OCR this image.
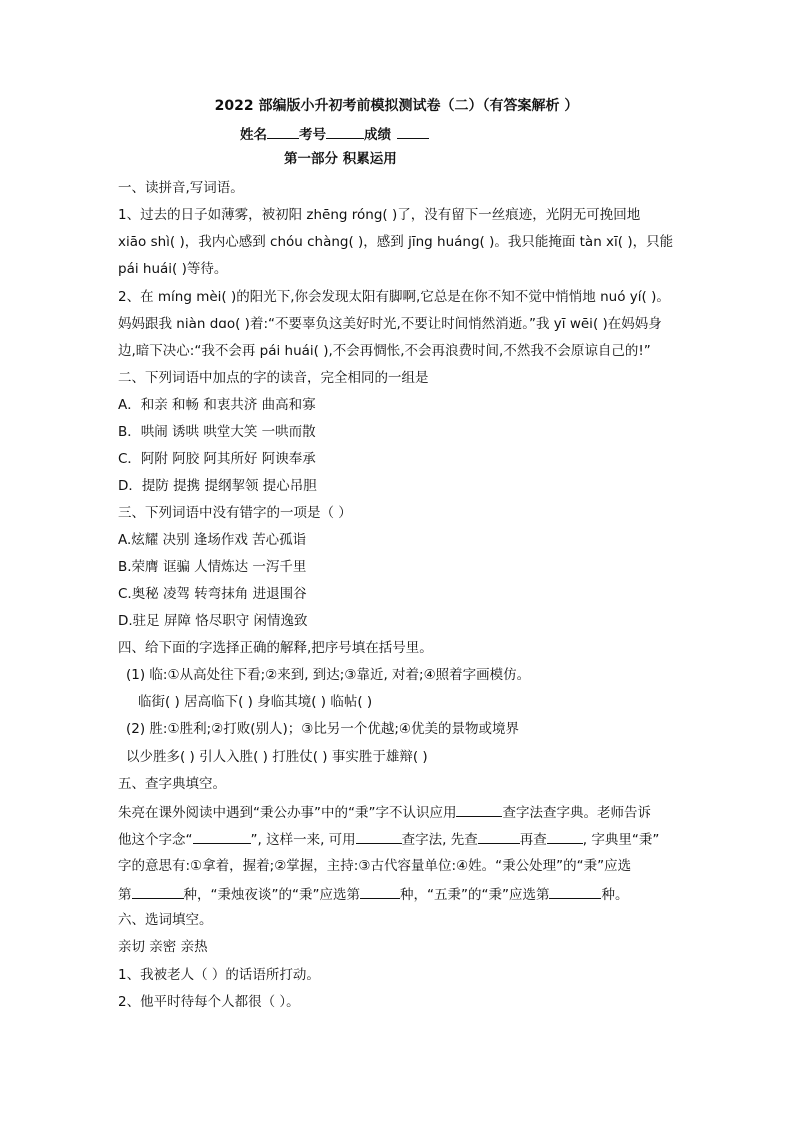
2022 部编版小升初考前模拟测试卷（二）（有答案解析 ）
姓名 考号	成绩
第一部分 积累运用
一、读拼音,写词语。
1、过去的日子如薄雾，被初阳 zhēng róng( )了，没有留下一丝痕迹，光阴无可挽回地
xiāo shì( )，我内心感到 chóu chàng( )，感到 jīng huáng( )。我只能掩面 tàn xī( )，只能
pái huái( )等待。
2、在 míng mèi( )的阳光下,你会发现太阳有脚啊,它总是在你不知不觉中悄悄地 nuó yí( )。
妈妈跟我 niàn dɑo( )着:“不要辜负这美好时光,不要让时间悄然消逝。”我 yī wēi( )在妈妈身
边,暗下决心:“我不会再 pái huái( ),不会再惆怅,不会再浪费时间,不然我不会原谅自己的!”
二、下列词语中加点的字的读音，完全相同的一组是
A．和亲 和畅 和衷共济 曲高和寡
B．哄闹 诱哄 哄堂大笑 一哄而散
C．阿附 阿胶 阿其所好 阿谀奉承
D．提防 提携 提纲挈领 提心吊胆
三、下列词语中没有错字的一项是（ ）
A.炫耀 决别 逢场作戏 苦心孤诣
B.荣膺 诓骗 人情炼达 一泻千里
C.奥秘 凌驾 转弯抹角 进退围谷
D.驻足 屏障 恪尽职守 闲情逸致
四、给下面的字选择正确的解释,把序号填在括号里。
(1) 临:①从高处往下看;②来到, 到达;③靠近, 对着;④照着字画模仿。
临街( ) 居高临下( ) 身临其境( ) 临帖( )
(2) 胜:①胜利;②打败(别人)；③比另一个优越;④优美的景物或境界
以少胜多( ) 引人入胜( ) 打胜仗( ) 事实胜于雄辩( )
五、查字典填空。
朱亮在课外阅读中遇到“秉公办事”中的“秉”字不认识应用	查字法查字典。老师告诉
他这个字念“	”, 这样一来, 可用	查字法, 先查	再查	, 字典里“秉”
字的意思有:①拿着，握着;②掌握，主持:③古代容量单位:④姓。“秉公处理”的“秉”应选
第	种，“秉烛夜谈”的“秉”应选第	种，“五秉”的“秉”应选第	种。
六、选词填空。
亲切 亲密 亲热
1、我被老人（ ）的话语所打动。
2、他平时待每个人都很（ ）。
